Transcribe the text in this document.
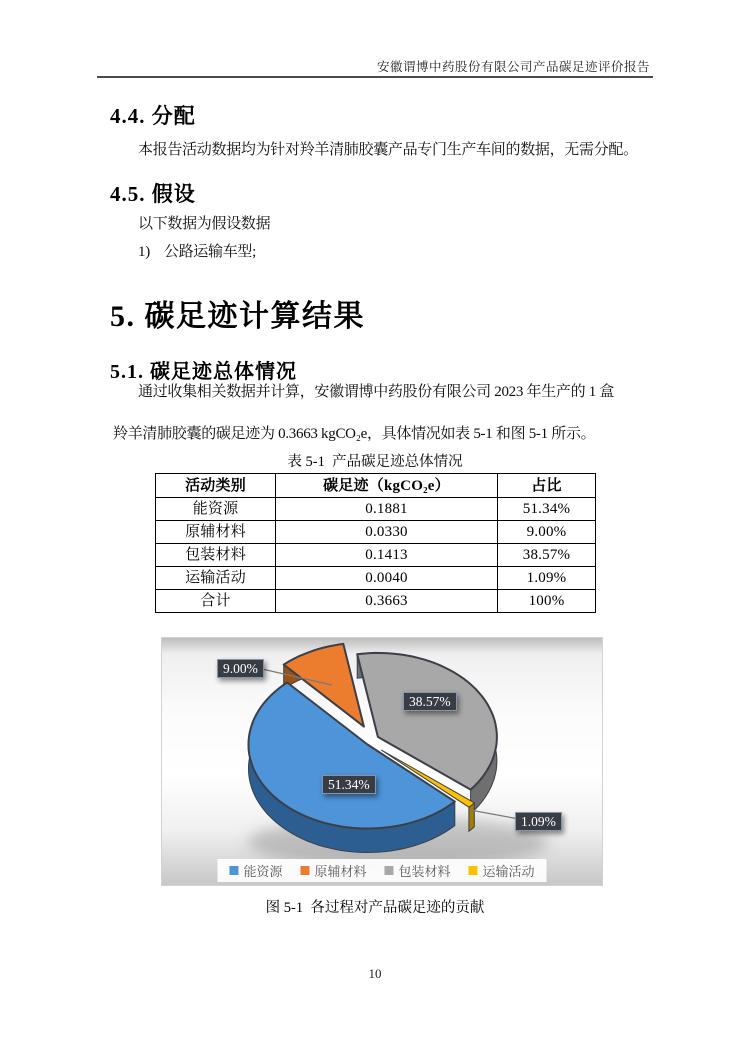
安徽谓博中药股份有限公司产品碳足迹评价报告
4.4. 分配
本报告活动数据均为针对羚羊清肺胶囊产品专门生产车间的数据，无需分配。
4.5. 假设
以下数据为假设数据
1) 公路运输车型;
5. 碳足迹计算结果
5.1. 碳足迹总体情况
通过收集相关数据并计算，安徽谓博中药股份有限公司 2023 年生产的 1 盒
羚羊清肺胶囊的碳足迹为 0.3663 kgCO₂e，具体情况如表 5-1 和图 5-1 所示。
表 5-1  产品碳足迹总体情况
活动类别	碳足迹（kgCO₂e）	占比
能资源	0.1881	51.34%
原辅材料	0.0330	9.00%
包装材料	0.1413	38.57%
运输活动	0.0040	1.09%
合计	0.3663	100%
9.00%
38.57%
51.34%
1.09%
能资源 原辅材料 包装材料 运输活动
图 5-1  各过程对产品碳足迹的贡献
10
